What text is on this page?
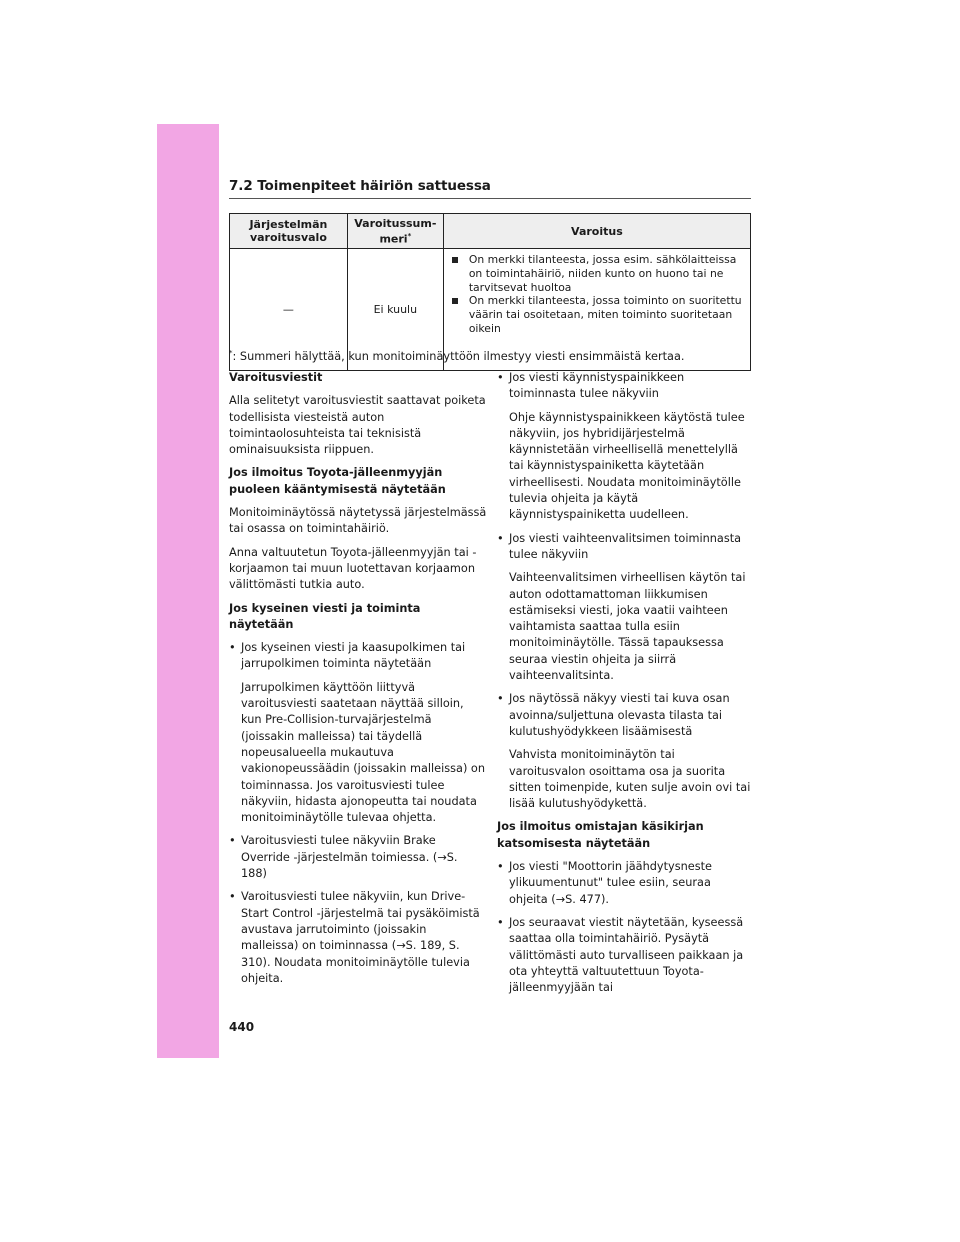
7.2 Toimenpiteet häiriön sattuessa
Järjestelmän varoitusvalo	Varoitussum-meri*	Varoitus
—	Ei kuulu	On merkki tilanteesta, jossa esim. sähkölaitteissa on toimintahäiriö, niiden kunto on huono tai ne tarvitsevat huoltoa
On merkki tilanteesta, jossa toiminto on suoritettu väärin tai osoitetaan, miten toiminto suoritetaan oikein
*: Summeri hälyttää, kun monitoiminäyttöön ilmestyy viesti ensimmäistä kertaa.
Varoitusviestit

Alla selitetyt varoitusviestit saattavat poiketa todellisista viesteistä auton toimintaolosuhteista tai teknisistä ominaisuuksista riippuen.

Jos ilmoitus Toyota-jälleenmyyjän puoleen kääntymisestä näytetään

Monitoiminäytössä näytetyssä järjestelmässä tai osassa on toimintahäiriö.

Anna valtuutetun Toyota-jälleenmyyjän tai -korjaamon tai muun luotettavan korjaamon välittömästi tutkia auto.

Jos kyseinen viesti ja toiminta näytetään
• Jos kyseinen viesti ja kaasupolkimen tai jarrupolkimen toiminta näytetään
Jarrupolkimen käyttöön liittyvä varoitusviesti saatetaan näyttää silloin, kun Pre-Collision-turvajärjestelmä (joissakin malleissa) tai täydellä nopeusalueella mukautuva vakionopeussäädin (joissakin malleissa) on toiminnassa. Jos varoitusviesti tulee näkyviin, hidasta ajonopeutta tai noudata monitoiminäytölle tulevaa ohjetta.
• Varoitusviesti tulee näkyviin Brake Override -järjestelmän toimiessa. (→S. 188)
• Varoitusviesti tulee näkyviin, kun Drive-Start Control -järjestelmä tai pysäköimistä avustava jarrutoiminto (joissakin malleissa) on toiminnassa (→S. 189, S. 310). Noudata monitoiminäytölle tulevia ohjeita.
• Jos viesti käynnistyspainikkeen toiminnasta tulee näkyviin
Ohje käynnistyspainikkeen käytöstä tulee näkyviin, jos hybridijärjestelmä käynnistetään virheellisellä menettelyllä tai käynnistyspainiketta käytetään virheellisesti. Noudata monitoiminäytölle tulevia ohjeita ja käytä käynnistyspainiketta uudelleen.
• Jos viesti vaihteenvalitsimen toiminnasta tulee näkyviin
Vaihteenvalitsimen virheellisen käytön tai auton odottamattoman liikkumisen estämiseksi viesti, joka vaatii vaihteen vaihtamista saattaa tulla esiin monitoiminäytölle. Tässä tapauksessa seuraa viestin ohjeita ja siirrä vaihteenvalitsinta.
• Jos näytössä näkyy viesti tai kuva osan avoinna/suljettuna olevasta tilasta tai kulutushyödykkeen lisäämisestä
Vahvista monitoiminäytön tai varoitusvalon osoittama osa ja suorita sitten toimenpide, kuten sulje avoin ovi tai lisää kulutushyödykettä.
Jos ilmoitus omistajan käsikirjan katsomisesta näytetään
• Jos viesti "Moottorin jäähdytysneste ylikuumentunut" tulee esiin, seuraa ohjeita (→S. 477).
• Jos seuraavat viestit näytetään, kyseessä saattaa olla toimintahäiriö. Pysäytä välittömästi auto turvalliseen paikkaan ja ota yhteyttä valtuutettuun Toyota-jälleenmyyjään tai
440
